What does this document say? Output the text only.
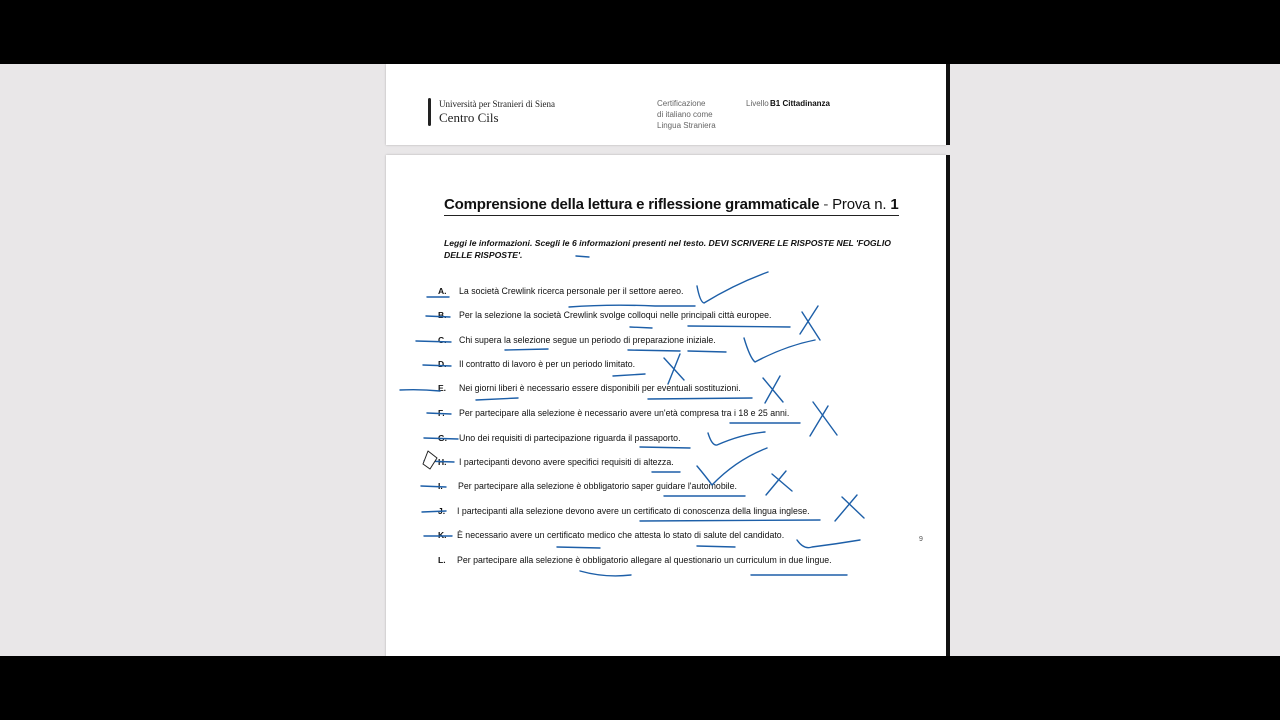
Università per Stranieri di Siena
Centro Cils
Certificazione
di italiano come
Lingua Straniera
Livello B1 Cittadinanza
Comprensione della lettura e riflessione grammaticale - Prova n. 1
Leggi le informazioni. Scegli le 6 informazioni presenti nel testo. DEVI SCRIVERE LE RISPOSTE NEL 'FOGLIO DELLE RISPOSTE'.
A. La società Crewlink ricerca personale per il settore aereo.
B. Per la selezione la società Crewlink svolge colloqui nelle principali città europee.
C. Chi supera la selezione segue un periodo di preparazione iniziale.
D. Il contratto di lavoro è per un periodo limitato.
E. Nei giorni liberi è necessario essere disponibili per eventuali sostituzioni.
F. Per partecipare alla selezione è necessario avere un'età compresa tra i 18 e 25 anni.
G. Uno dei requisiti di partecipazione riguarda il passaporto.
H. I partecipanti devono avere specifici requisiti di altezza.
I. Per partecipare alla selezione è obbligatorio saper guidare l'automobile.
J. I partecipanti alla selezione devono avere un certificato di conoscenza della lingua inglese.
K. È necessario avere un certificato medico che attesta lo stato di salute del candidato.
L. Per partecipare alla selezione è obbligatorio allegare al questionario un curriculum in due lingue.
9
